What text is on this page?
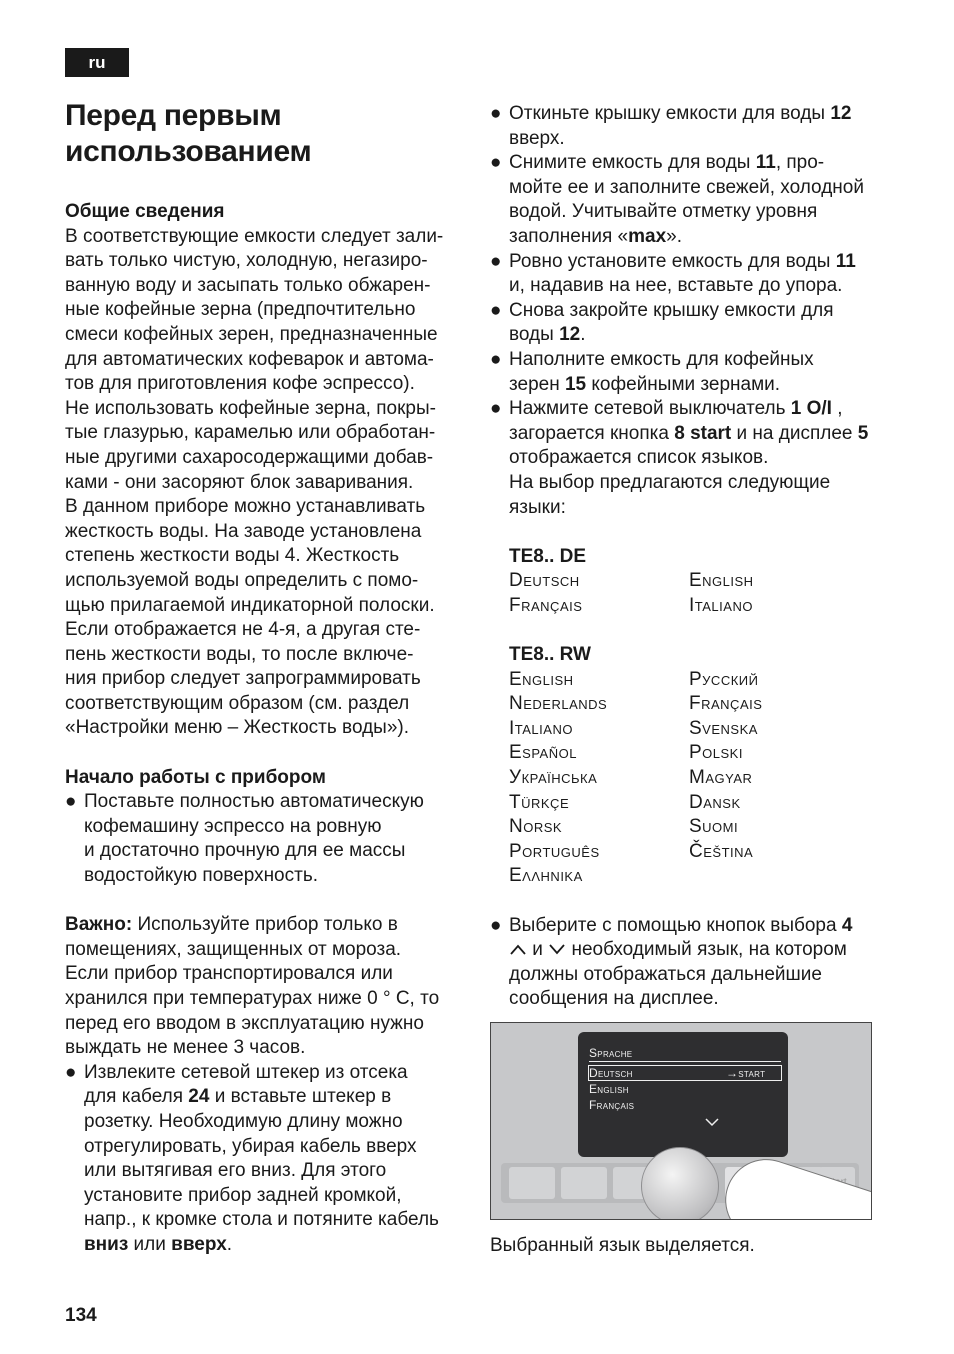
ru
Перед первым использованием

Общие сведения

В соответствующие емкости следует зали-

вать только чистую, холодную, негазиро-

ванную воду и засыпать только обжарен-

ные кофейные зерна (предпочтительно

смеси кофейных зерен, предназначенные

для автоматических кофеварок и автома-

тов для приготовления кофе эспрессо).

Не использовать кофейные зерна, покры-

тые глазурью, карамелью или обработан-

ные другими сахаросодержащими добав-

ками - они засоряют блок заваривания.

В данном приборе можно устанавливать

жесткость воды. На заводе установлена

степень жесткости воды 4. Жесткость

используемой воды определить с помо-

щью прилагаемой индикаторной полоски.

Если отображается не 4-я, а другая сте-

пень жесткости воды, то после включе-

ния прибор следует запрограммировать

соответствующим образом (см. раздел

«Настройки меню – Жесткость воды»).

Начало работы с прибором

● Поставьте полностью автоматическую

кофемашину эспрессо на ровную

и достаточно прочную для ее массы

водостойкую поверхность.

Важно: Используйте прибор только в

помещениях, защищенных от мороза.

Если прибор транспортировался или

хранился при температурах ниже 0 ° C, то

перед его вводом в эксплуатацию нужно

выждать не менее 3 часов.

● Извлеките сетевой штекер из отсека

для кабеля 24 и вставьте штекер в

розетку. Необходимую длину можно

отрегулировать, убирая кабель вверх

или вытягивая его вниз. Для этого

установите прибор задней кромкой,

напр., к кромке стола и потяните кабель

вниз или вверх.

● Откиньте крышку емкости для воды 12

вверх.

● Снимите емкость для воды 11, про-

мойте ее и заполните свежей, холодной

водой. Учитывайте отметку уровня

заполнения «max».

● Ровно установите емкость для воды 11

и, надавив на нее, вставьте до упора.

● Снова закройте крышку емкости для

воды 12.

● Наполните емкость для кофейных

зерен 15 кофейными зернами.

● Нажмите сетевой выключатель 1 O/I ,

загорается кнопка 8 start и на дисплее 5

отображается список языков.

На выбор предлагаются следующие

языки:

TE8.. DE

Deutsch	English
Français	Italiano

TE8.. RW

English	Русский
Nederlands	Français
Italiano	Svenska
Español	Polski
Українська	Magyar
Türkçe	Dansk
Norsk	Suomi
Português	Čeština
Ελληνικα
● Выберите с помощью кнопок выбора 4

и  необходимый язык, на котором

должны отображаться дальнейшие

сообщения на дисплее.

Sprache
Deutsch	→start
English
Français

Выбранный язык выделяется.

134
